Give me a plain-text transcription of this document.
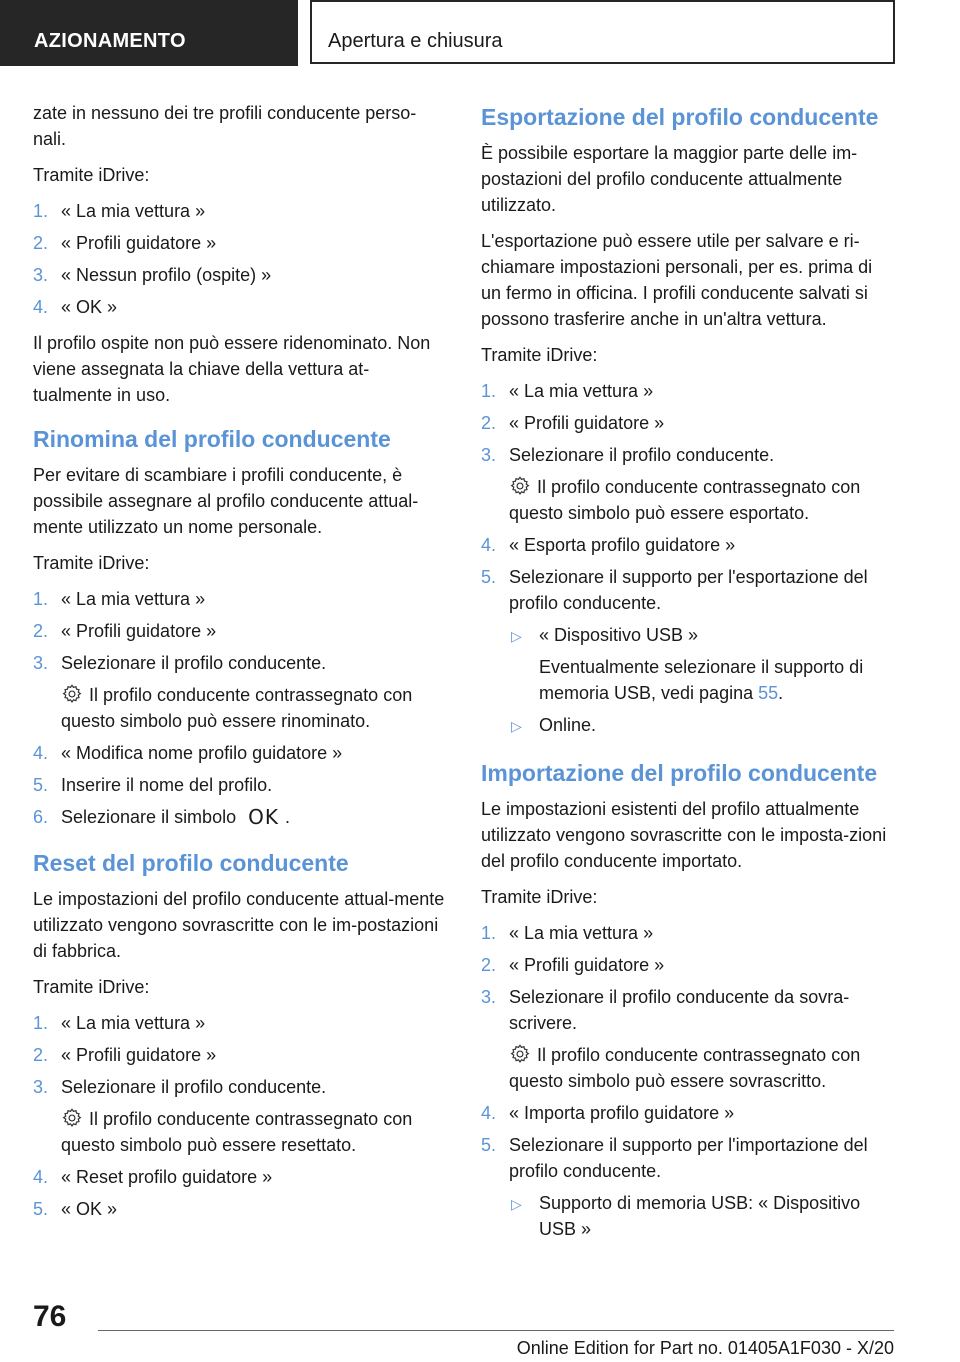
AZIONAMENTO	Apertura e chiusura

zate in nessuno dei tre profili conducente perso-nali.

Tramite iDrive:

1. « La mia vettura »
2. « Profili guidatore »
3. « Nessun profilo (ospite) »
4. « OK »

Il profilo ospite non può essere ridenominato. Non viene assegnata la chiave della vettura at-tualmente in uso.

Rinomina del profilo conducente

Per evitare di scambiare i profili conducente, è possibile assegnare al profilo conducente attual-mente utilizzato un nome personale.

Tramite iDrive:

1. « La mia vettura »
2. « Profili guidatore »
3. Selezionare il profilo conducente.
Il profilo conducente contrassegnato con questo simbolo può essere rinominato.
4. « Modifica nome profilo guidatore »
5. Inserire il nome del profilo.
6. Selezionare il simbolo OK .
Reset del profilo conducente

Le impostazioni del profilo conducente attual-mente utilizzato vengono sovrascritte con le im-postazioni di fabbrica.

Tramite iDrive:

1. « La mia vettura »
2. « Profili guidatore »
3. Selezionare il profilo conducente.
Il profilo conducente contrassegnato con questo simbolo può essere resettato.
4. « Reset profilo guidatore »
5. « OK »
Esportazione del profilo conducente

È possibile esportare la maggior parte delle im-postazioni del profilo conducente attualmente utilizzato.

L'esportazione può essere utile per salvare e ri-chiamare impostazioni personali, per es. prima di un fermo in officina. I profili conducente salvati si possono trasferire anche in un'altra vettura.

Tramite iDrive:

1. « La mia vettura »
2. « Profili guidatore »
3. Selezionare il profilo conducente.
Il profilo conducente contrassegnato con questo simbolo può essere esportato.
4. « Esporta profilo guidatore »
5. Selezionare il supporto per l'esportazione del profilo conducente.
▷ « Dispositivo USB »
Eventualmente selezionare il supporto di memoria USB, vedi pagina 55.
▷ Online.
Importazione del profilo conducente

Le impostazioni esistenti del profilo attualmente utilizzato vengono sovrascritte con le imposta-zioni del profilo conducente importato.

Tramite iDrive:

1. « La mia vettura »
2. « Profili guidatore »
3. Selezionare il profilo conducente da sovra-scrivere.
Il profilo conducente contrassegnato con questo simbolo può essere sovrascritto.
4. « Importa profilo guidatore »
5. Selezionare il supporto per l'importazione del profilo conducente.
▷ Supporto di memoria USB: « Dispositivo USB »
76
Online Edition for Part no. 01405A1F030 - X/20
